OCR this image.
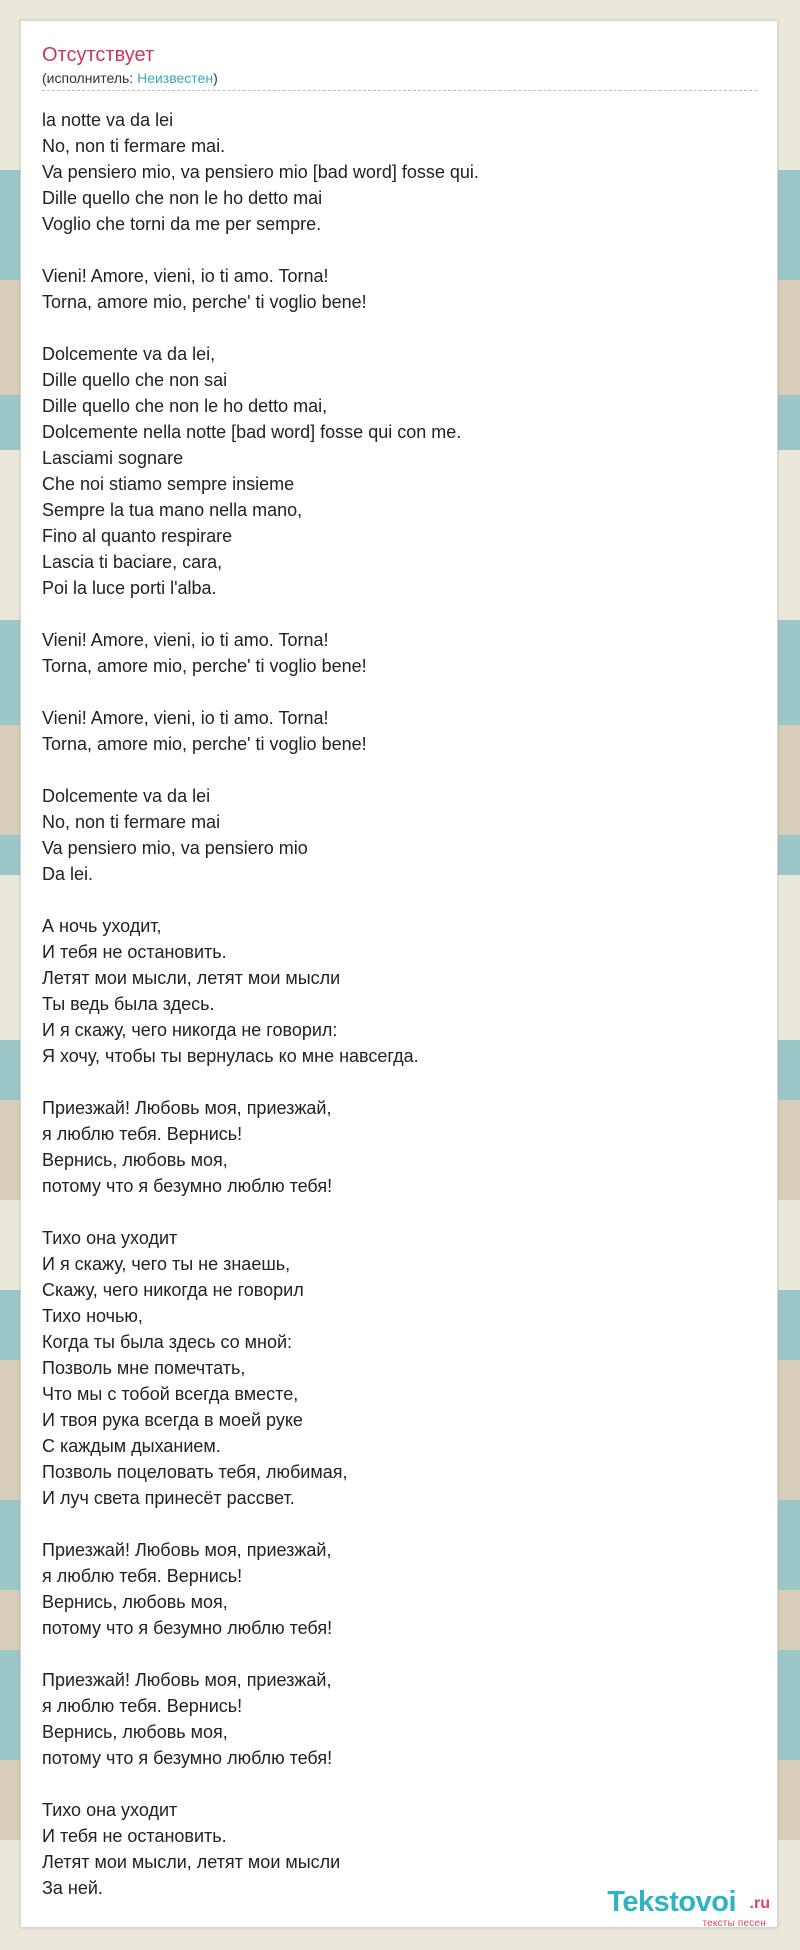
Отсутствует
(исполнитель: Неизвестен)

la notte va da lei
No, non ti fermare mai.
Va pensiero mio, va pensiero mio [bad word] fosse qui.
Dille quello che non le ho detto mai
Voglio che torni da me per sempre.

Vieni! Amore, vieni, io ti amo. Torna!
Torna, amore mio, perche' ti voglio bene!

Dolcemente va da lei,
Dille quello che non sai
Dille quello che non le ho detto mai,
Dolcemente nella notte [bad word] fosse qui con me.
Lasciami sognare
Che noi stiamo sempre insieme
Sempre la tua mano nella mano,
Fino al quanto respirare
Lascia ti baciare, cara,
Poi la luce porti l'alba.

Vieni! Amore, vieni, io ti amo. Torna!
Torna, amore mio, perche' ti voglio bene!

Vieni! Amore, vieni, io ti amo. Torna!
Torna, amore mio, perche' ti voglio bene!

Dolcemente va da lei
No, non ti fermare mai
Va pensiero mio, va pensiero mio
Da lei.

А ночь уходит,
И тебя не остановить.
Летят мои мысли, летят мои мысли
Ты ведь была здесь.
И я скажу, чего никогда не говорил:
Я хочу, чтобы ты вернулась ко мне навсегда.

Приезжай! Любовь моя, приезжай,
я люблю тебя. Вернись!
Вернись, любовь моя,
потому что я безумно люблю тебя!

Тихо она уходит
И я скажу, чего ты не знаешь,
Скажу, чего никогда не говорил
Тихо ночью,
Когда ты была здесь со мной:
Позволь мне помечтать,
Что мы с тобой всегда вместе,
И твоя рука всегда в моей руке
С каждым дыханием.
Позволь поцеловать тебя, любимая,
И луч света принесёт рассвет.

Приезжай! Любовь моя, приезжай,
я люблю тебя. Вернись!
Вернись, любовь моя,
потому что я безумно люблю тебя!

Приезжай! Любовь моя, приезжай,
я люблю тебя. Вернись!
Вернись, любовь моя,
потому что я безумно люблю тебя!

Тихо она уходит
И тебя не остановить.
Летят мои мысли, летят мои мысли
За ней.	Tekstovoi .ru
тексты песен
